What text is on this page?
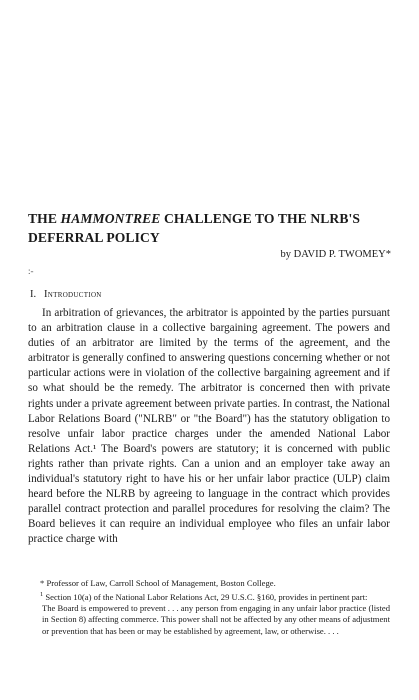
THE HAMMONTREE CHALLENGE TO THE NLRB'S DEFERRAL POLICY
by DAVID P. TWOMEY*
:-
I. Introduction

In arbitration of grievances, the arbitrator is appointed by the parties pursuant to an arbitration clause in a collective bargaining agreement. The powers and duties of an arbitrator are limited by the terms of the agreement, and the arbitrator is generally confined to answering questions concerning whether or not particular actions were in violation of the collective bargaining agreement and if so what should be the remedy. The arbitrator is concerned then with private rights under a private agreement between private parties. In contrast, the National Labor Relations Board ("NLRB" or "the Board") has the statutory obligation to resolve unfair labor practice charges under the amended National Labor Relations Act.¹ The Board's powers are statutory; it is concerned with public rights rather than private rights. Can a union and an employer take away an individual's statutory right to have his or her unfair labor practice (ULP) claim heard before the NLRB by agreeing to language in the contract which provides parallel contract protection and parallel procedures for resolving the claim? The Board believes it can require an individual employee who files an unfair labor practice charge with

* Professor of Law, Carroll School of Management, Boston College.

$^1$ Section 10(a) of the National Labor Relations Act, 29 U.S.C. §160, provides in pertinent part:

The Board is empowered to prevent . . . any person from engaging in any unfair labor practice (listed in Section 8) affecting commerce. This power shall not be affected by any other means of adjustment or prevention that has been or may be established by agreement, law, or otherwise. . . .
